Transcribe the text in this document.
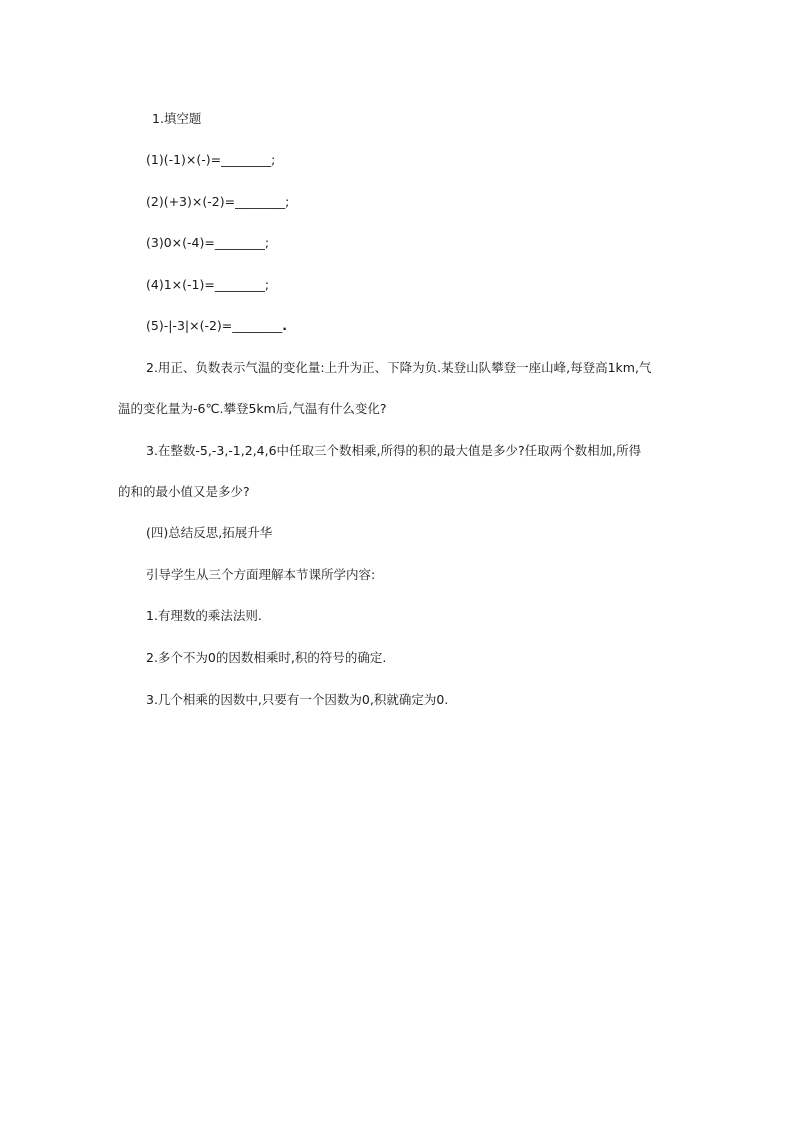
1.填空题
(1)(-1)×(-)=________;
(2)(+3)×(-2)=________;
(3)0×(-4)=________;
(4)1×(-1)=________;
(5)-|-3|×(-2)=________.
2.用正、负数表示气温的变化量:上升为正、下降为负.某登山队攀登一座山峰,每登高1km,气
温的变化量为-6℃.攀登5km后,气温有什么变化?
3.在整数-5,-3,-1,2,4,6中任取三个数相乘,所得的积的最大值是多少?任取两个数相加,所得
的和的最小值又是多少?
(四)总结反思,拓展升华
引导学生从三个方面理解本节课所学内容:
1.有理数的乘法法则.
2.多个不为0的因数相乘时,积的符号的确定.
3.几个相乘的因数中,只要有一个因数为0,积就确定为0.
